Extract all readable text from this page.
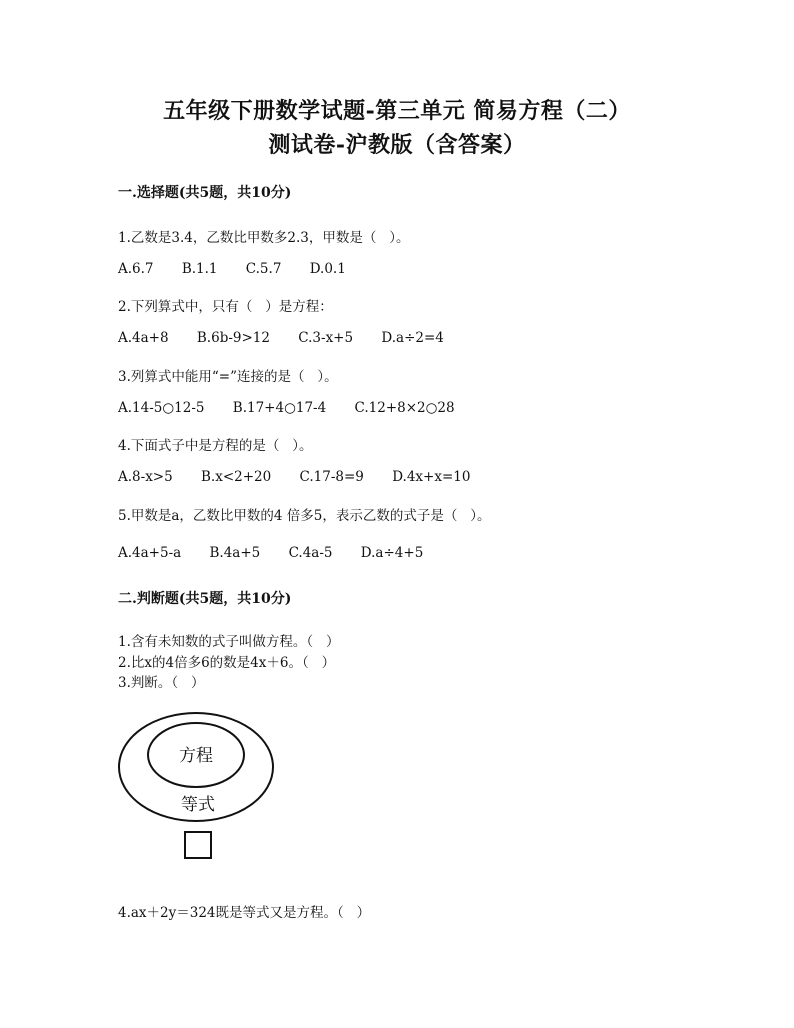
五年级下册数学试题-第三单元 简易方程（二）
测试卷-沪教版（含答案）
一.选择题(共5题，共10分)
1.乙数是3.4，乙数比甲数多2.3，甲数是（   ）。
A.6.7 B.1.1 C.5.7 D.0.1
2.下列算式中，只有（   ）是方程：
A.4a+8 B.6b-9>12 C.3-x+5 D.a÷2=4
3.列算式中能用“=”连接的是（   ）。
A.14-5○12-5 B.17+4○17-4 C.12+8×2○28
4.下面式子中是方程的是（   ）。
A.8-x>5 B.x<2+20 C.17-8=9 D.4x+x=10
5.甲数是a，乙数比甲数的4 倍多5，表示乙数的式子是（   ）。
A.4a+5-a B.4a+5 C.4a-5 D.a÷4+5
二.判断题(共5题，共10分)
1.含有未知数的式子叫做方程。（   ）
2.比x的4倍多6的数是4x＋6。（   ）
3.判断。（   ）
方程
等式
4.ax＋2y＝324既是等式又是方程。（   ）
